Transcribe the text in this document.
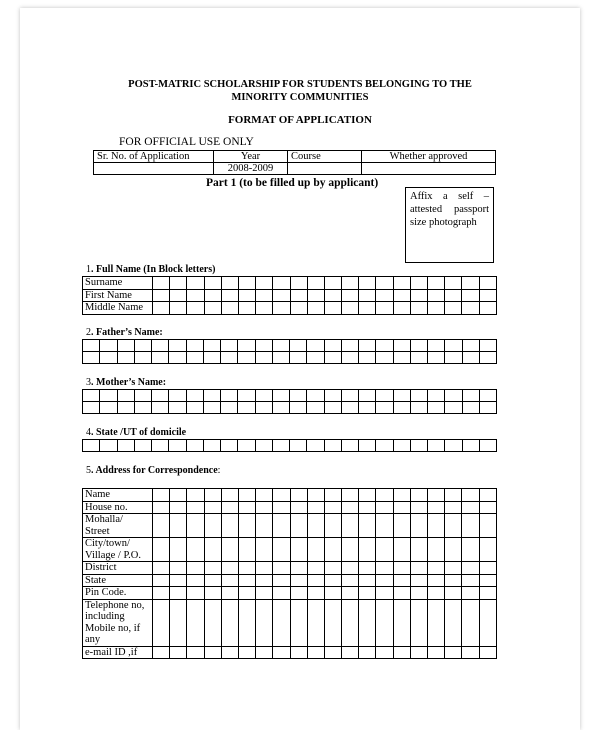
POST-MATRIC SCHOLARSHIP FOR STUDENTS BELONGING TO THE
MINORITY COMMUNITIES
FORMAT OF APPLICATION
FOR OFFICIAL USE ONLY
Sr. No. of Application	Year	Course	Whether approved
	2008-2009		
Part 1 (to be filled up by applicant)
Affix a self – attested passport size photograph
1. Full Name (In Block letters)
Surname																				
First Name																				
Middle Name																				
2. Father’s Name:

3. Mother’s Name:

4. State /UT of domicile

5. Address for Correspondence:
Name																				
House no.																				
Mohalla/
Street																				
City/town/
Village / P.O.																				
District																				
State																				
Pin Code.																				
Telephone no,
including
Mobile no, if
any																				
e-mail ID ,if																				
